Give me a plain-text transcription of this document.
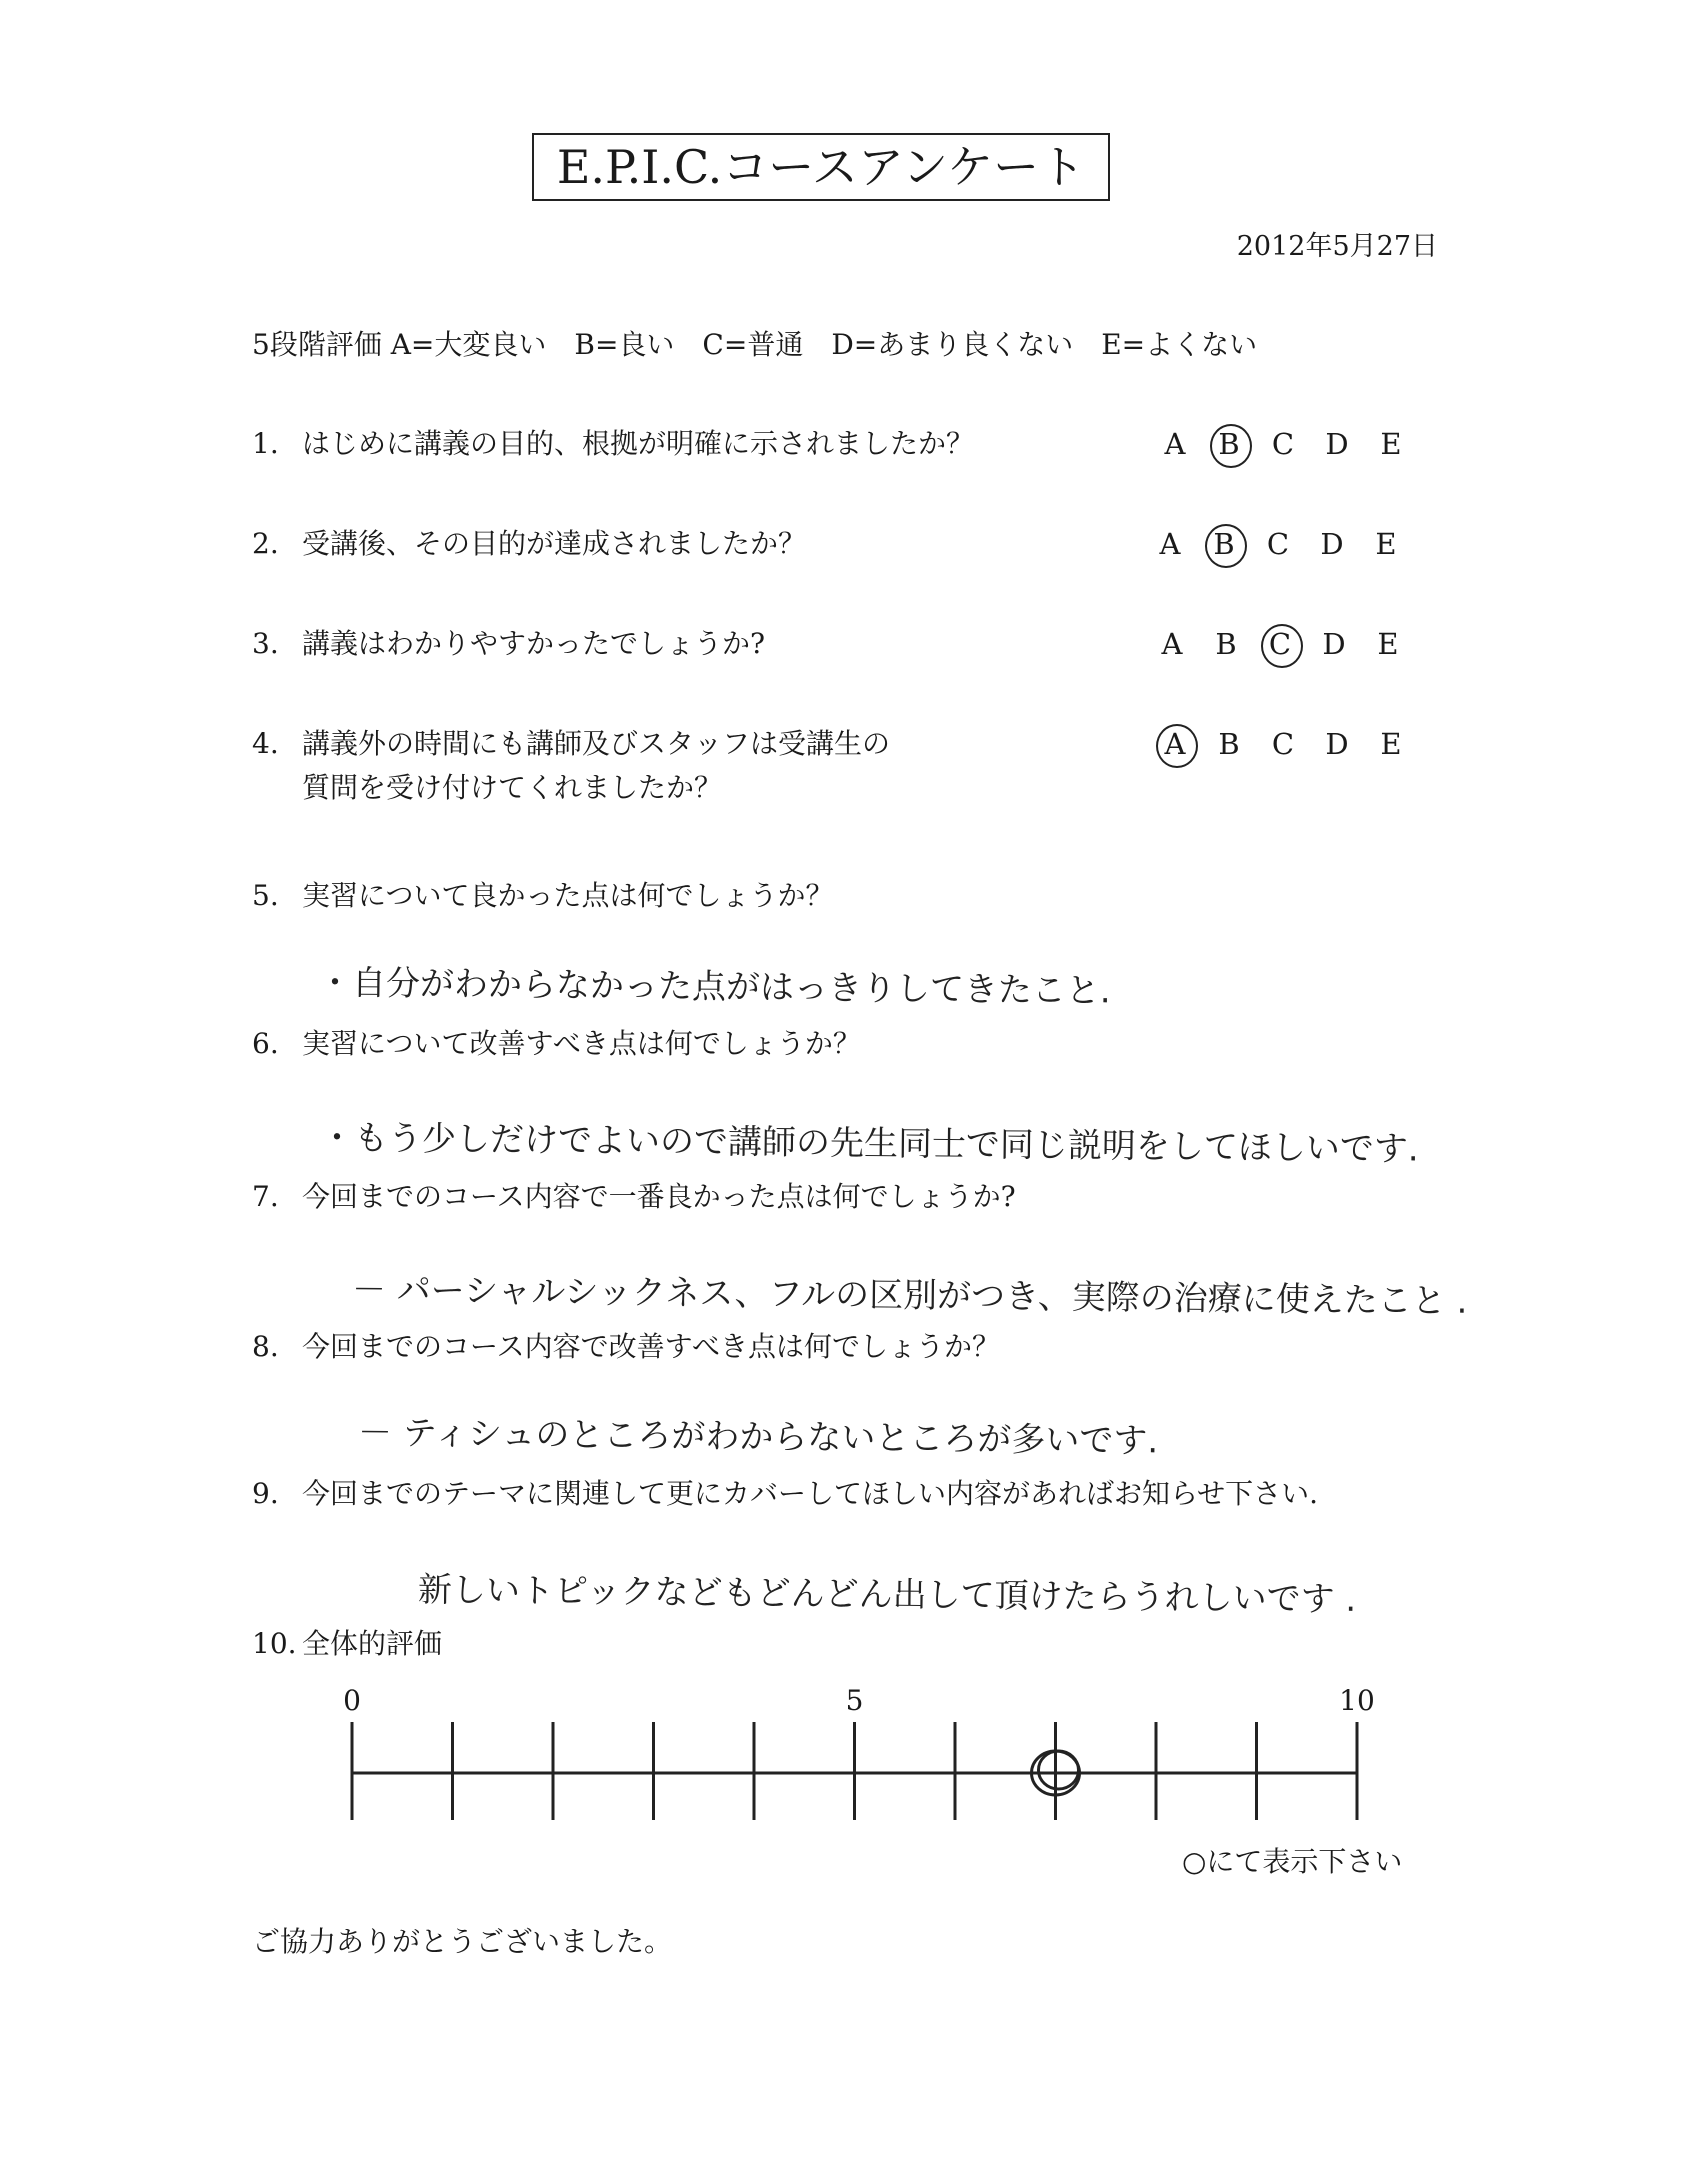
E.P.I.C.コースアンケート
2012年5月27日
5段階評価 A=大変良い　B=良い　C=普通　D=あまり良くない　E=よくない
1. はじめに講義の目的、根拠が明確に示されましたか？
2. 受講後、その目的が達成されましたか？
3. 講義はわかりやすかったでしょうか?
4. 講義外の時間にも講師及びスタッフは受講生の
質問を受け付けてくれましたか？
A	B	C	D	E
A	B	C	D	E
A	B	C	D	E
A	B	C	D	E
5. 実習について良かった点は何でしょうか？
・自分がわからなかった点がはっきりしてきたこと.
6. 実習について改善すべき点は何でしょうか？
・もう少しだけでよいので講師の先生同士で同じ説明をしてほしいです.
7. 今回までのコース内容で一番良かった点は何でしょうか?
－ パーシャルシックネス、フルの区別がつき、実際の治療に使えたこと .
8. 今回までのコース内容で改善すべき点は何でしょうか？
－ ティシュのところがわからないところが多いです.
9. 今回までのテーマに関連して更にカバーしてほしい内容があればお知らせ下さい.
新しいトピックなどもどんどん出して頂けたらうれしいです .
10. 全体的評価
0	5	10
○にて表示下さい
ご協力ありがとうございました。
